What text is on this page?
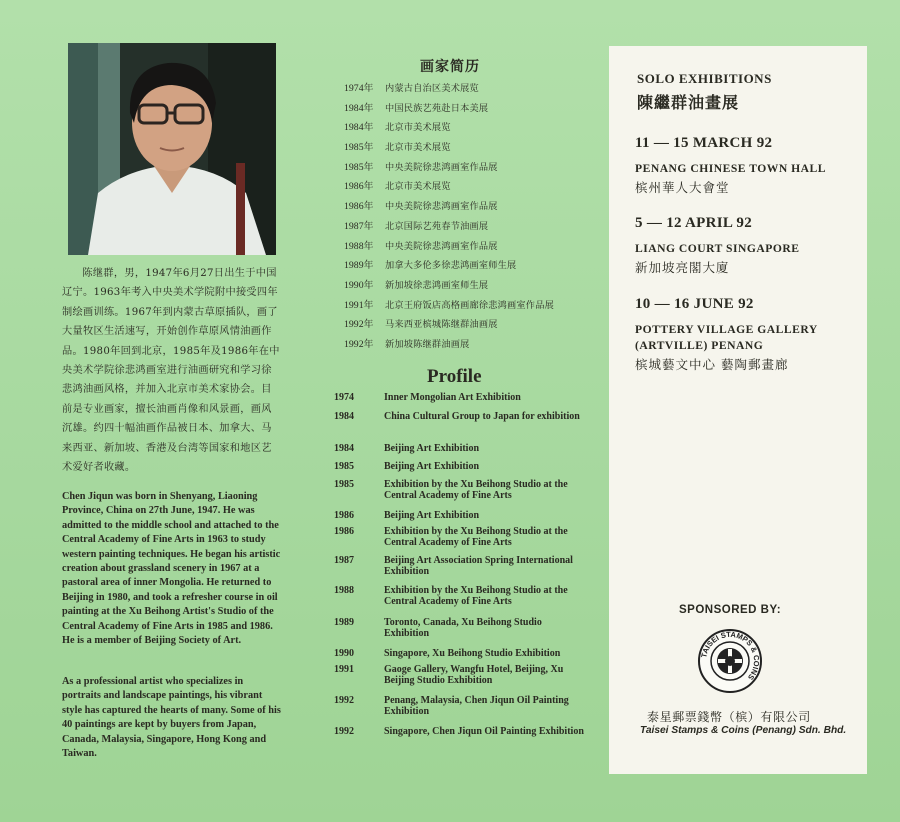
陈继群，男，1947年6月27日出生于中国辽宁。1963年考入中央美术学院附中接受四年制绘画训练。1967年到内蒙古草原插队，画了大量牧区生活速写，开始创作草原风情油画作品。1980年回到北京，1985年及1986年在中央美术学院徐悲鸿画室进行油画研究和学习徐悲鸿油画风格，并加入北京市美术家协会。目前是专业画家，擅长油画肖像和风景画，画风沉雄。约四十幅油画作品被日本、加拿大、马来西亚、新加坡、香港及台湾等国家和地区艺术爱好者收藏。

Chen Jiqun was born in Shenyang, Liaoning Province, China on 27th June, 1947. He was admitted to the middle school and attached to the Central Academy of Fine Arts in 1963 to study western painting techniques. He began his artistic creation about grassland scenery in 1967 at a pastoral area of inner Mongolia. He returned to Beijing in 1980, and took a refresher course in oil painting at the Xu Beihong Artist's Studio of the Central Academy of Fine Arts in 1985 and 1986. He is a member of Beijing Society of Art.

As a professional artist who specializes in portraits and landscape paintings, his vibrant style has captured the hearts of many. Some of his 40 paintings are kept by buyers from Japan, Canada, Malaysia, Singapore, Hong Kong and Taiwan.

画家简历
1974年	内蒙古自治区美术展览
1984年	中国民族艺苑赴日本美展
1984年	北京市美术展览
1985年	北京市美术展览
1985年	中央美院徐悲鸿画室作品展
1986年	北京市美术展览
1986年	中央美院徐悲鸿画室作品展
1987年	北京国际艺苑春节油画展
1988年	中央美院徐悲鸿画室作品展
1989年	加拿大多伦多徐悲鸿画室师生展
1990年	新加坡徐悲鸿画室师生展
1991年	北京王府饭店高格画廊徐悲鸿画室作品展
1992年	马来西亚槟城陈继群油画展
1992年	新加坡陈继群油画展
Profile
1974	Inner Mongolian Art Exhibition
1984	China Cultural Group to Japan for exhibition
1984	Beijing Art Exhibition
1985	Beijing Art Exhibition
1985	Exhibition by the Xu Beihong Studio at the Central Academy of Fine Arts
1986	Beijing Art Exhibition
1986	Exhibition by the Xu Beihong Studio at the Central Academy of Fine Arts
1987	Beijing Art Association Spring International Exhibition
1988	Exhibition by the Xu Beihong Studio at the Central Academy of Fine Arts
1989	Toronto, Canada, Xu Beihong Studio Exhibition
1990	Singapore, Xu Beihong Studio Exhibition
1991	Gaoge Gallery, Wangfu Hotel, Beijing, Xu Beijing Studio Exhibition
1992	Penang, Malaysia, Chen Jiqun Oil Painting Exhibition
1992	Singapore, Chen Jiqun Oil Painting Exhibition
SOLO EXHIBITIONS
陳繼群油畫展

11 — 15 MARCH 92

PENANG CHINESE TOWN HALL

槟州華人大會堂

5 — 12 APRIL 92

LIANG COURT SINGAPORE

新加坡亮閣大廈

10 — 16 JUNE 92

POTTERY VILLAGE GALLERY
(ARTVILLE) PENANG

槟城藝文中心 藝陶郵畫廊

SPONSORED BY:

TAISEI STAMPS & COINS

泰星郵票錢幣（槟）有限公司

Taisei Stamps & Coins (Penang) Sdn. Bhd.
